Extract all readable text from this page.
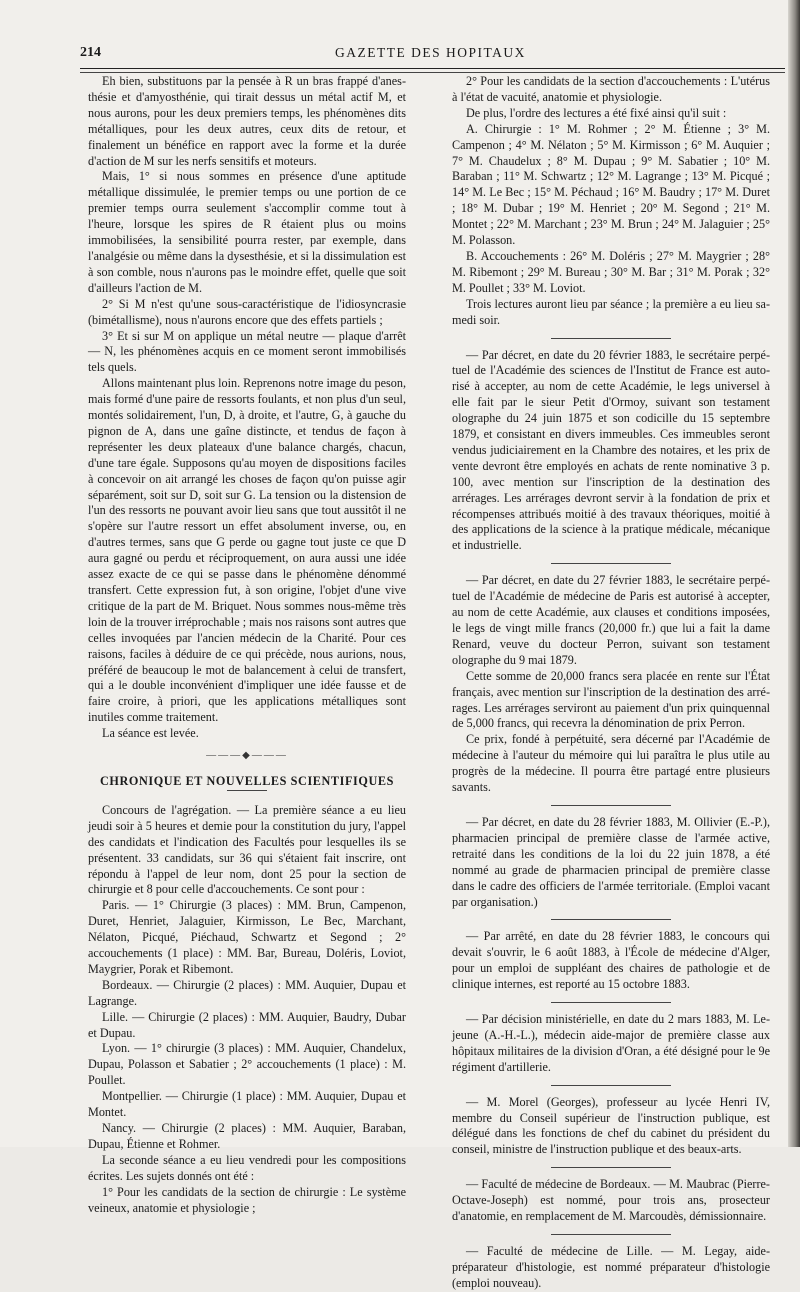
214	GAZETTE DES HOPITAUX

Eh bien, substituons par la pensée à R un bras frappé d'anesthésie et d'amyosthénie, qui tirait dessus un métal actif M, et nous aurons, pour les deux premiers temps, les phénomènes dits métalliques, pour les deux autres, ceux dits de retour, et finalement un bénéfice en rapport avec la forme et la durée d'action de M sur les nerfs sensitifs et moteurs.

Mais, 1° si nous sommes en présence d'une aptitude métallique dissimulée, le premier temps ou une portion de ce premier temps ourra seulement s'accomplir comme tout à l'heure, lorsque les spires de R étaient plus ou moins immobilisées, la sensibilité pourra rester, par exemple, dans l'analgésie ou même dans la dysesthésie, et si la dissimulation est à son comble, nous n'aurons pas le moindre effet, quelle que soit d'ailleurs l'action de M.

2° Si M n'est qu'une sous-caractéristique de l'idiosyncrasie (bimétallisme), nous n'aurons encore que des effets partiels ;

3° Et si sur M on applique un métal neutre — plaque d'arrêt — N, les phénomènes acquis en ce moment seront immobilisés tels quels.

Allons maintenant plus loin. Reprenons notre image du peson, mais formé d'une paire de ressorts foulants, et non plus d'un seul, montés solidairement, l'un, D, à droite, et l'autre, G, à gauche du pignon de A, dans une gaîne distincte, et tendus de façon à représenter les deux plateaux d'une balance chargés, chacun, d'une tare égale. Supposons qu'au moyen de dispositions faciles à concevoir on ait arrangé les choses de façon qu'on puisse agir séparément, soit sur D, soit sur G. La tension ou la distension de l'un des ressorts ne pouvant avoir lieu sans que tout aussitôt il ne s'opère sur l'autre ressort un effet absolument inverse, ou, en d'autres termes, sans que G perde ou gagne tout juste ce que D aura gagné ou perdu et réciproquement, on aura aussi une idée assez exacte de ce qui se passe dans le phénomène dénommé transfert. Cette expression fut, à son origine, l'objet d'une vive critique de la part de M. Briquet. Nous sommes nous-même très loin de la trouver irréprochable ; mais nos raisons sont autres que celles invoquées par l'ancien médecin de la Charité. Pour ces raisons, faciles à déduire de ce qui précède, nous aurions, nous, préféré de beaucoup le mot de balancement à celui de transfert, qui a le double inconvénient d'impliquer une idée fausse et de faire croire, à priori, que les applications métalliques sont inutiles comme traitement.

La séance est levée.

———◆———

CHRONIQUE ET NOUVELLES SCIENTIFIQUES

Concours de l'agrégation. — La première séance a eu lieu jeudi soir à 5 heures et demie pour la constitution du jury, l'appel des candidats et l'indication des Facultés pour lesquelles ils se présentent. 33 candidats, sur 36 qui s'étaient fait inscrire, ont répondu à l'appel de leur nom, dont 25 pour la section de chirurgie et 8 pour celle d'accouchements. Ce sont pour :

Paris. — 1° Chirurgie (3 places) : MM. Brun, Campenon, Duret, Henriet, Jalaguier, Kirmisson, Le Bec, Marchant, Nélaton, Picqué, Piéchaud, Schwartz et Segond ; 2° accouchements (1 place) : MM. Bar, Bureau, Doléris, Loviot, Maygrier, Porak et Ribemont.

Bordeaux. — Chirurgie (2 places) : MM. Auquier, Dupau et Lagrange.

Lille. — Chirurgie (2 places) : MM. Auquier, Baudry, Dubar et Dupau.

Lyon. — 1° chirurgie (3 places) : MM. Auquier, Chandelux, Dupau, Polasson et Sabatier ; 2° accouchements (1 place) : M. Poullet.

Montpellier. — Chirurgie (1 place) : MM. Auquier, Dupau et Montet.

Nancy. — Chirurgie (2 places) : MM. Auquier, Baraban, Dupau, Étienne et Rohmer.

La seconde séance a eu lieu vendredi pour les compositions écrites. Les sujets donnés ont été :

1° Pour les candidats de la section de chirurgie : Le système veineux, anatomie et physiologie ;

2° Pour les candidats de la section d'accouchements : L'utérus à l'état de vacuité, anatomie et physiologie.

De plus, l'ordre des lectures a été fixé ainsi qu'il suit :

A. Chirurgie : 1° M. Rohmer ; 2° M. Étienne ; 3° M. Campenon ; 4° M. Nélaton ; 5° M. Kirmisson ; 6° M. Auquier ; 7° M. Chaudelux ; 8° M. Dupau ; 9° M. Sabatier ; 10° M. Baraban ; 11° M. Schwartz ; 12° M. Lagrange ; 13° M. Picqué ; 14° M. Le Bec ; 15° M. Péchaud ; 16° M. Baudry ; 17° M. Duret ; 18° M. Dubar ; 19° M. Henriet ; 20° M. Segond ; 21° M. Montet ; 22° M. Marchant ; 23° M. Brun ; 24° M. Jalaguier ; 25° M. Polasson.

B. Accouchements : 26° M. Doléris ; 27° M. Maygrier ; 28° M. Ribemont ; 29° M. Bureau ; 30° M. Bar ; 31° M. Porak ; 32° M. Poullet ; 33° M. Loviot.

Trois lectures auront lieu par séance ; la première a eu lieu samedi soir.

— Par décret, en date du 20 février 1883, le secrétaire perpétuel de l'Académie des sciences de l'Institut de France est autorisé à accepter, au nom de cette Académie, le legs universel à elle fait par le sieur Petit d'Ormoy, suivant son testament olographe du 24 juin 1875 et son codicille du 15 septembre 1879, et consistant en divers immeubles. Ces immeubles seront vendus judiciairement en la Chambre des notaires, et les prix de vente devront être employés en achats de rente nominative 3 p. 100, avec mention sur l'inscription de la destination des arrérages. Les arrérages devront servir à la fondation de prix et récompenses attribués moitié à des travaux théoriques, moitié à des applications de la science à la pratique médicale, mécanique et industrielle.

— Par décret, en date du 27 février 1883, le secrétaire perpétuel de l'Académie de médecine de Paris est autorisé à accepter, au nom de cette Académie, aux clauses et conditions imposées, le legs de vingt mille francs (20,000 fr.) que lui a fait la dame Renard, veuve du docteur Perron, suivant son testament olographe du 9 mai 1879.

Cette somme de 20,000 francs sera placée en rente sur l'État français, avec mention sur l'inscription de la destination des arrérages. Les arrérages serviront au paiement d'un prix quinquennal de 5,000 francs, qui recevra la dénomination de prix Perron.

Ce prix, fondé à perpétuité, sera décerné par l'Académie de médecine à l'auteur du mémoire qui lui paraîtra le plus utile au progrès de la médecine. Il pourra être partagé entre plusieurs savants.

— Par décret, en date du 28 février 1883, M. Ollivier (E.-P.), pharmacien principal de première classe de l'armée active, retraité dans les conditions de la loi du 22 juin 1878, a été nommé au grade de pharmacien principal de première classe dans le cadre des officiers de l'armée territoriale. (Emploi vacant par organisation.)

— Par arrêté, en date du 28 février 1883, le concours qui devait s'ouvrir, le 6 août 1883, à l'École de médecine d'Alger, pour un emploi de suppléant des chaires de pathologie et de clinique internes, est reporté au 15 octobre 1883.

— Par décision ministérielle, en date du 2 mars 1883, M. Lejeune (A.-H.-L.), médecin aide-major de première classe aux hôpitaux militaires de la division d'Oran, a été désigné pour le 9e régiment d'artillerie.

— M. Morel (Georges), professeur au lycée Henri IV, membre du Conseil supérieur de l'instruction publique, est délégué dans les fonctions de chef du cabinet du président du conseil, ministre de l'instruction publique et des beaux-arts.

— Faculté de médecine de Bordeaux. — M. Maubrac (Pierre-Octave-Joseph) est nommé, pour trois ans, prosecteur d'anatomie, en remplacement de M. Marcoudès, démissionnaire.

— Faculté de médecine de Lille. — M. Legay, aide-préparateur d'histologie, est nommé préparateur d'histologie (emploi nouveau).
